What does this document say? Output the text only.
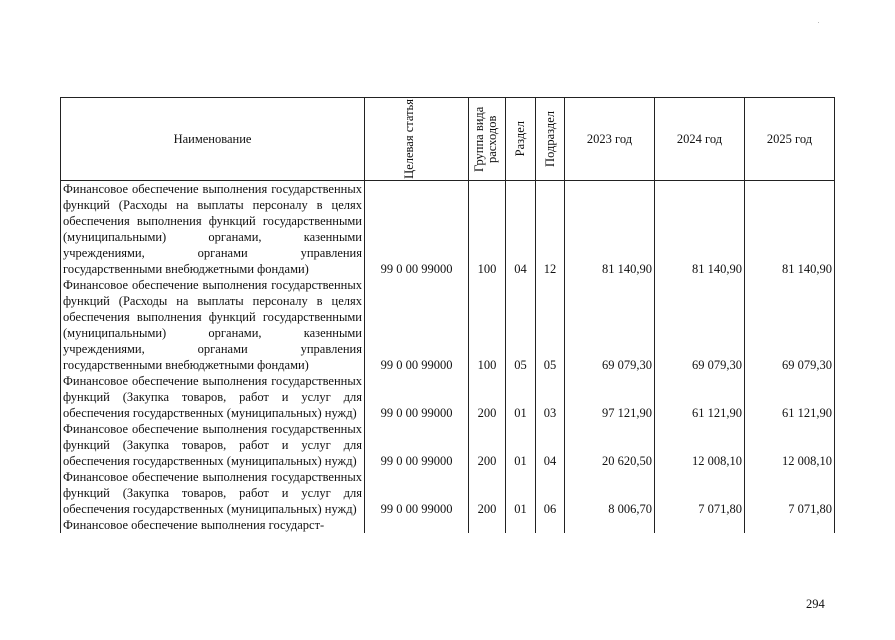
Наименование	Целевая статья	Группа вида расходов	Раздел	Подраздел	2023 год	2024 год	2025 год
Финансовое обеспечение выполнения государственных функций (Расходы на выплаты персоналу в целях обеспечения выполнения функций государственными (муниципальными) органами, казенными учреждениями, органами управления государственными внебюджетными фондами)	99 0 00 99000	100	04	12	81 140,90	81 140,90	81 140,90
Финансовое обеспечение выполнения государственных функций (Расходы на выплаты персоналу в целях обеспечения выполнения функций государственными (муниципальными) органами, казенными учреждениями, органами управления государственными внебюджетными фондами)	99 0 00 99000	100	05	05	69 079,30	69 079,30	69 079,30
Финансовое обеспечение выполнения государственных функций (Закупка товаров, работ и услуг для обеспечения государственных (муниципальных) нужд)	99 0 00 99000	200	01	03	97 121,90	61 121,90	61 121,90
Финансовое обеспечение выполнения государственных функций (Закупка товаров, работ и услуг для обеспечения государственных (муниципальных) нужд)	99 0 00 99000	200	01	04	20 620,50	12 008,10	12 008,10
Финансовое обеспечение выполнения государственных функций (Закупка товаров, работ и услуг для обеспечения государственных (муниципальных) нужд)	99 0 00 99000	200	01	06	8 006,70	7 071,80	7 071,80
Финансовое обеспечение выполнения государст-							
294
